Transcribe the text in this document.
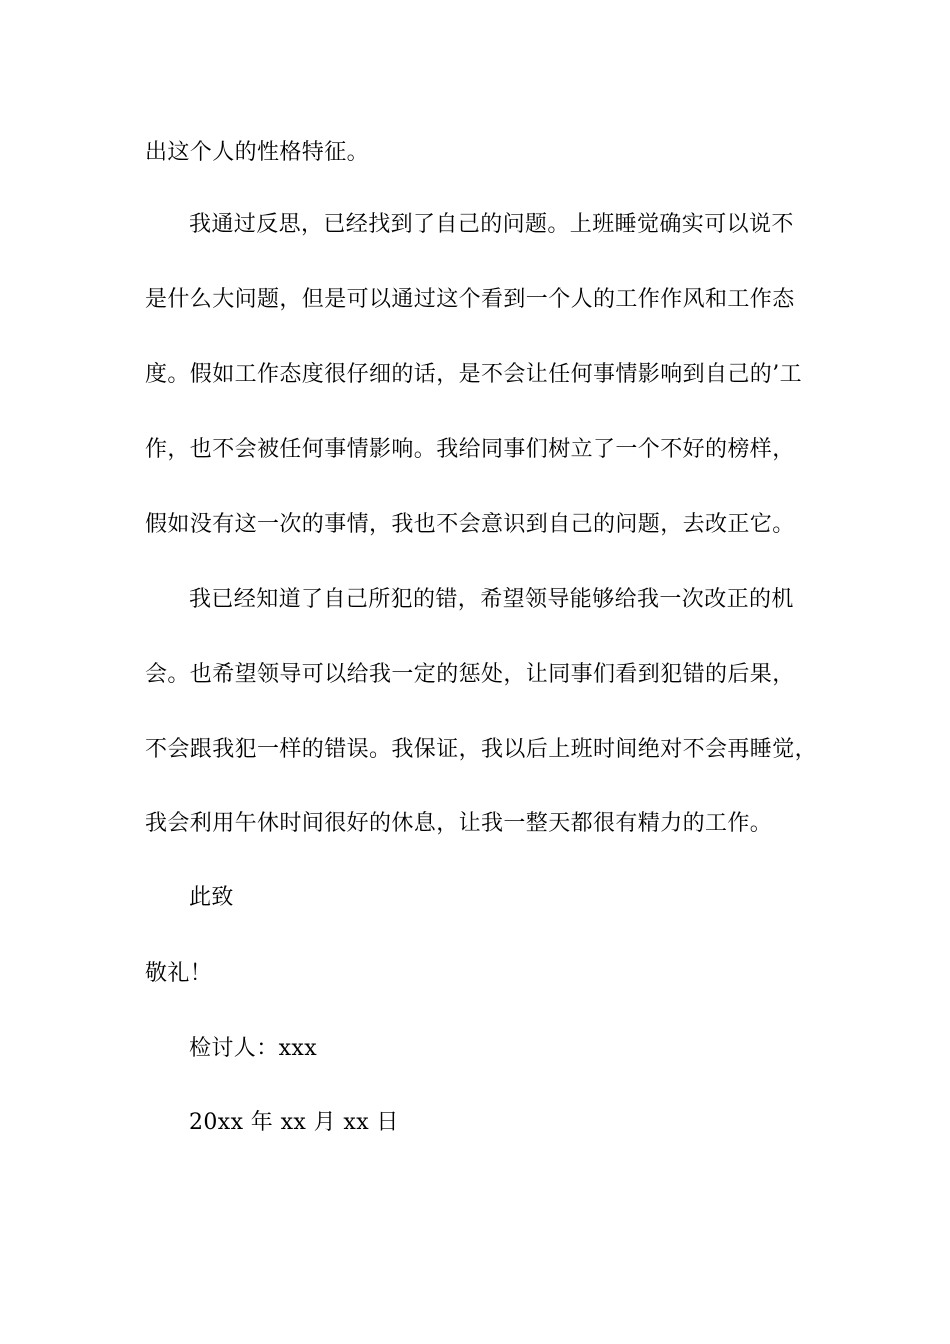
出这个人的性格特征。
我通过反思，已经找到了自己的问题。上班睡觉确实可以说不
是什么大问题，但是可以通过这个看到一个人的工作作风和工作态
度。假如工作态度很仔细的话，是不会让任何事情影响到自己的’工
作，也不会被任何事情影响。我给同事们树立了一个不好的榜样，
假如没有这一次的事情，我也不会意识到自己的问题，去改正它。
我已经知道了自己所犯的错，希望领导能够给我一次改正的机
会。也希望领导可以给我一定的惩处，让同事们看到犯错的后果，
不会跟我犯一样的错误。我保证，我以后上班时间绝对不会再睡觉，
我会利用午休时间很好的休息，让我一整天都很有精力的工作。
此致
敬礼！
检讨人：xxx
20xx 年 xx 月 xx 日
